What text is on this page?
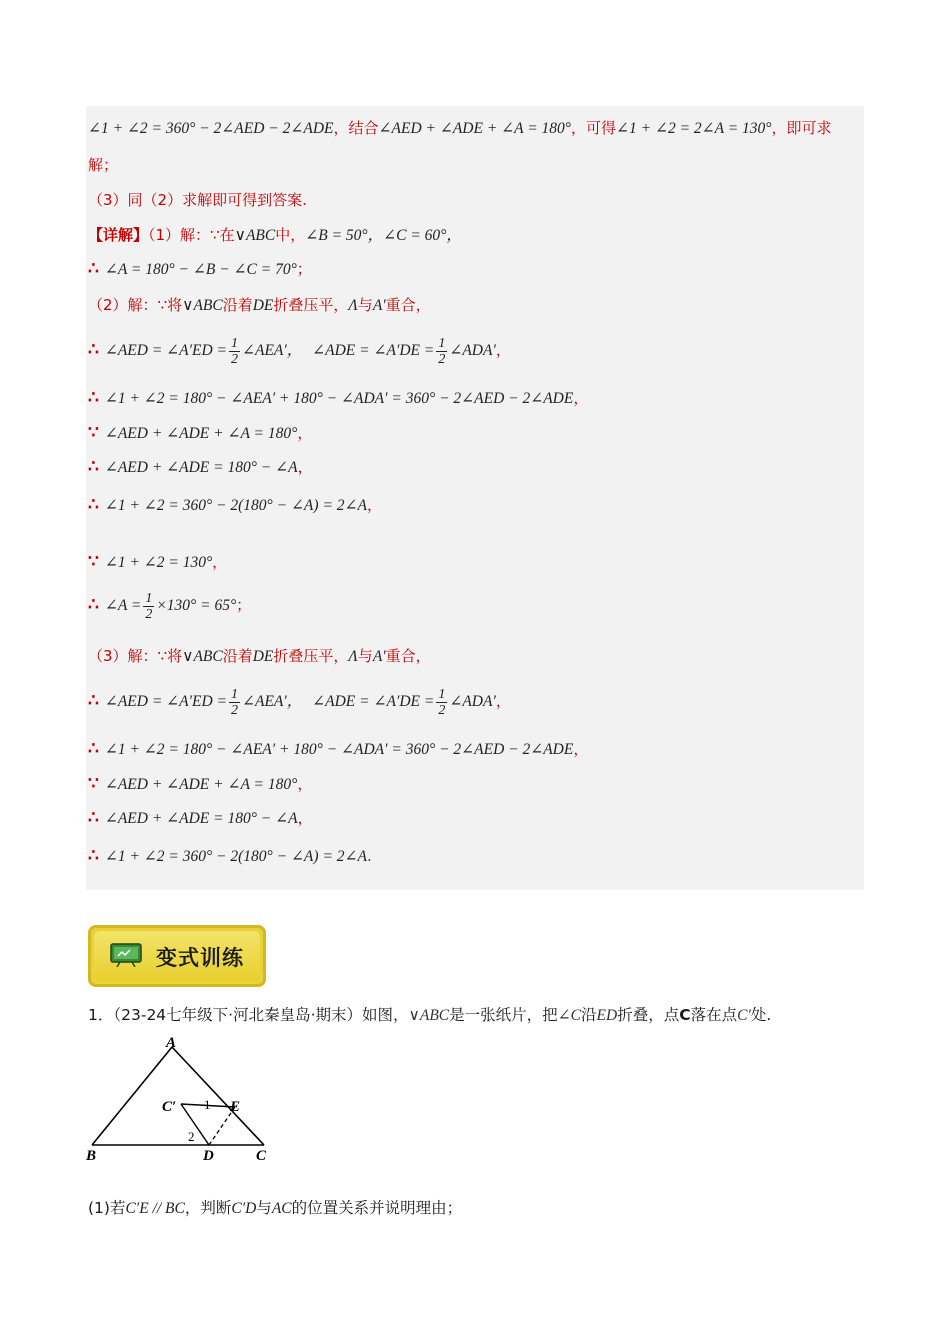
∠1 + ∠2 = 360° − 2∠AED − 2∠ADE，结合∠AED + ∠ADE + ∠A = 180°，可得∠1 + ∠2 = 2∠A = 130°，即可求
解；
（3）同（2）求解即可得到答案.
【详解】（1）解：∵在∨ABC中，∠B = 50°，∠C = 60°，
∴ ∠A = 180° − ∠B − ∠C = 70°；
（2）解：∵将∨ABC沿着DE折叠压平，Λ与A′重合，
∴ ∠AED = ∠A′ED = $\frac{1}{2}$ ∠AEA′， ∠ADE = ∠A′DE = $\frac{1}{2}$ ∠ADA′，
∴ ∠1 + ∠2 = 180° − ∠AEA′ + 180° − ∠ADA′ = 360° − 2∠AED − 2∠ADE，
∵ ∠AED + ∠ADE + ∠A = 180°，
∴ ∠AED + ∠ADE = 180° − ∠A，
∴ ∠1 + ∠2 = 360° − 2(180° − ∠A) = 2∠A，
∵ ∠1 + ∠2 = 130°，
∴ ∠A = $\frac{1}{2} \times 130^\circ = 65^\circ$；
（3）解：∵将∨ABC沿着DE折叠压平，Λ与A′重合，
∴ ∠AED = ∠A′ED = $\frac{1}{2}$ ∠AEA′， ∠ADE = ∠A′DE = $\frac{1}{2}$ ∠ADA′，
∴ ∠1 + ∠2 = 180° − ∠AEA′ + 180° − ∠ADA′ = 360° − 2∠AED − 2∠ADE，
∵ ∠AED + ∠ADE + ∠A = 180°，
∴ ∠AED + ∠ADE = 180° − ∠A，
∴ ∠1 + ∠2 = 360° − 2(180° − ∠A) = 2∠A.
变式训练
1．（23-24七年级下·河北秦皇岛·期末）如图，∨ABC是一张纸片，把∠C沿ED折叠，点C落在点C′处.
A
B	C
D
E
C′ 1
2
(1)若C′E // BC，判断C′D与AC的位置关系并说明理由；
